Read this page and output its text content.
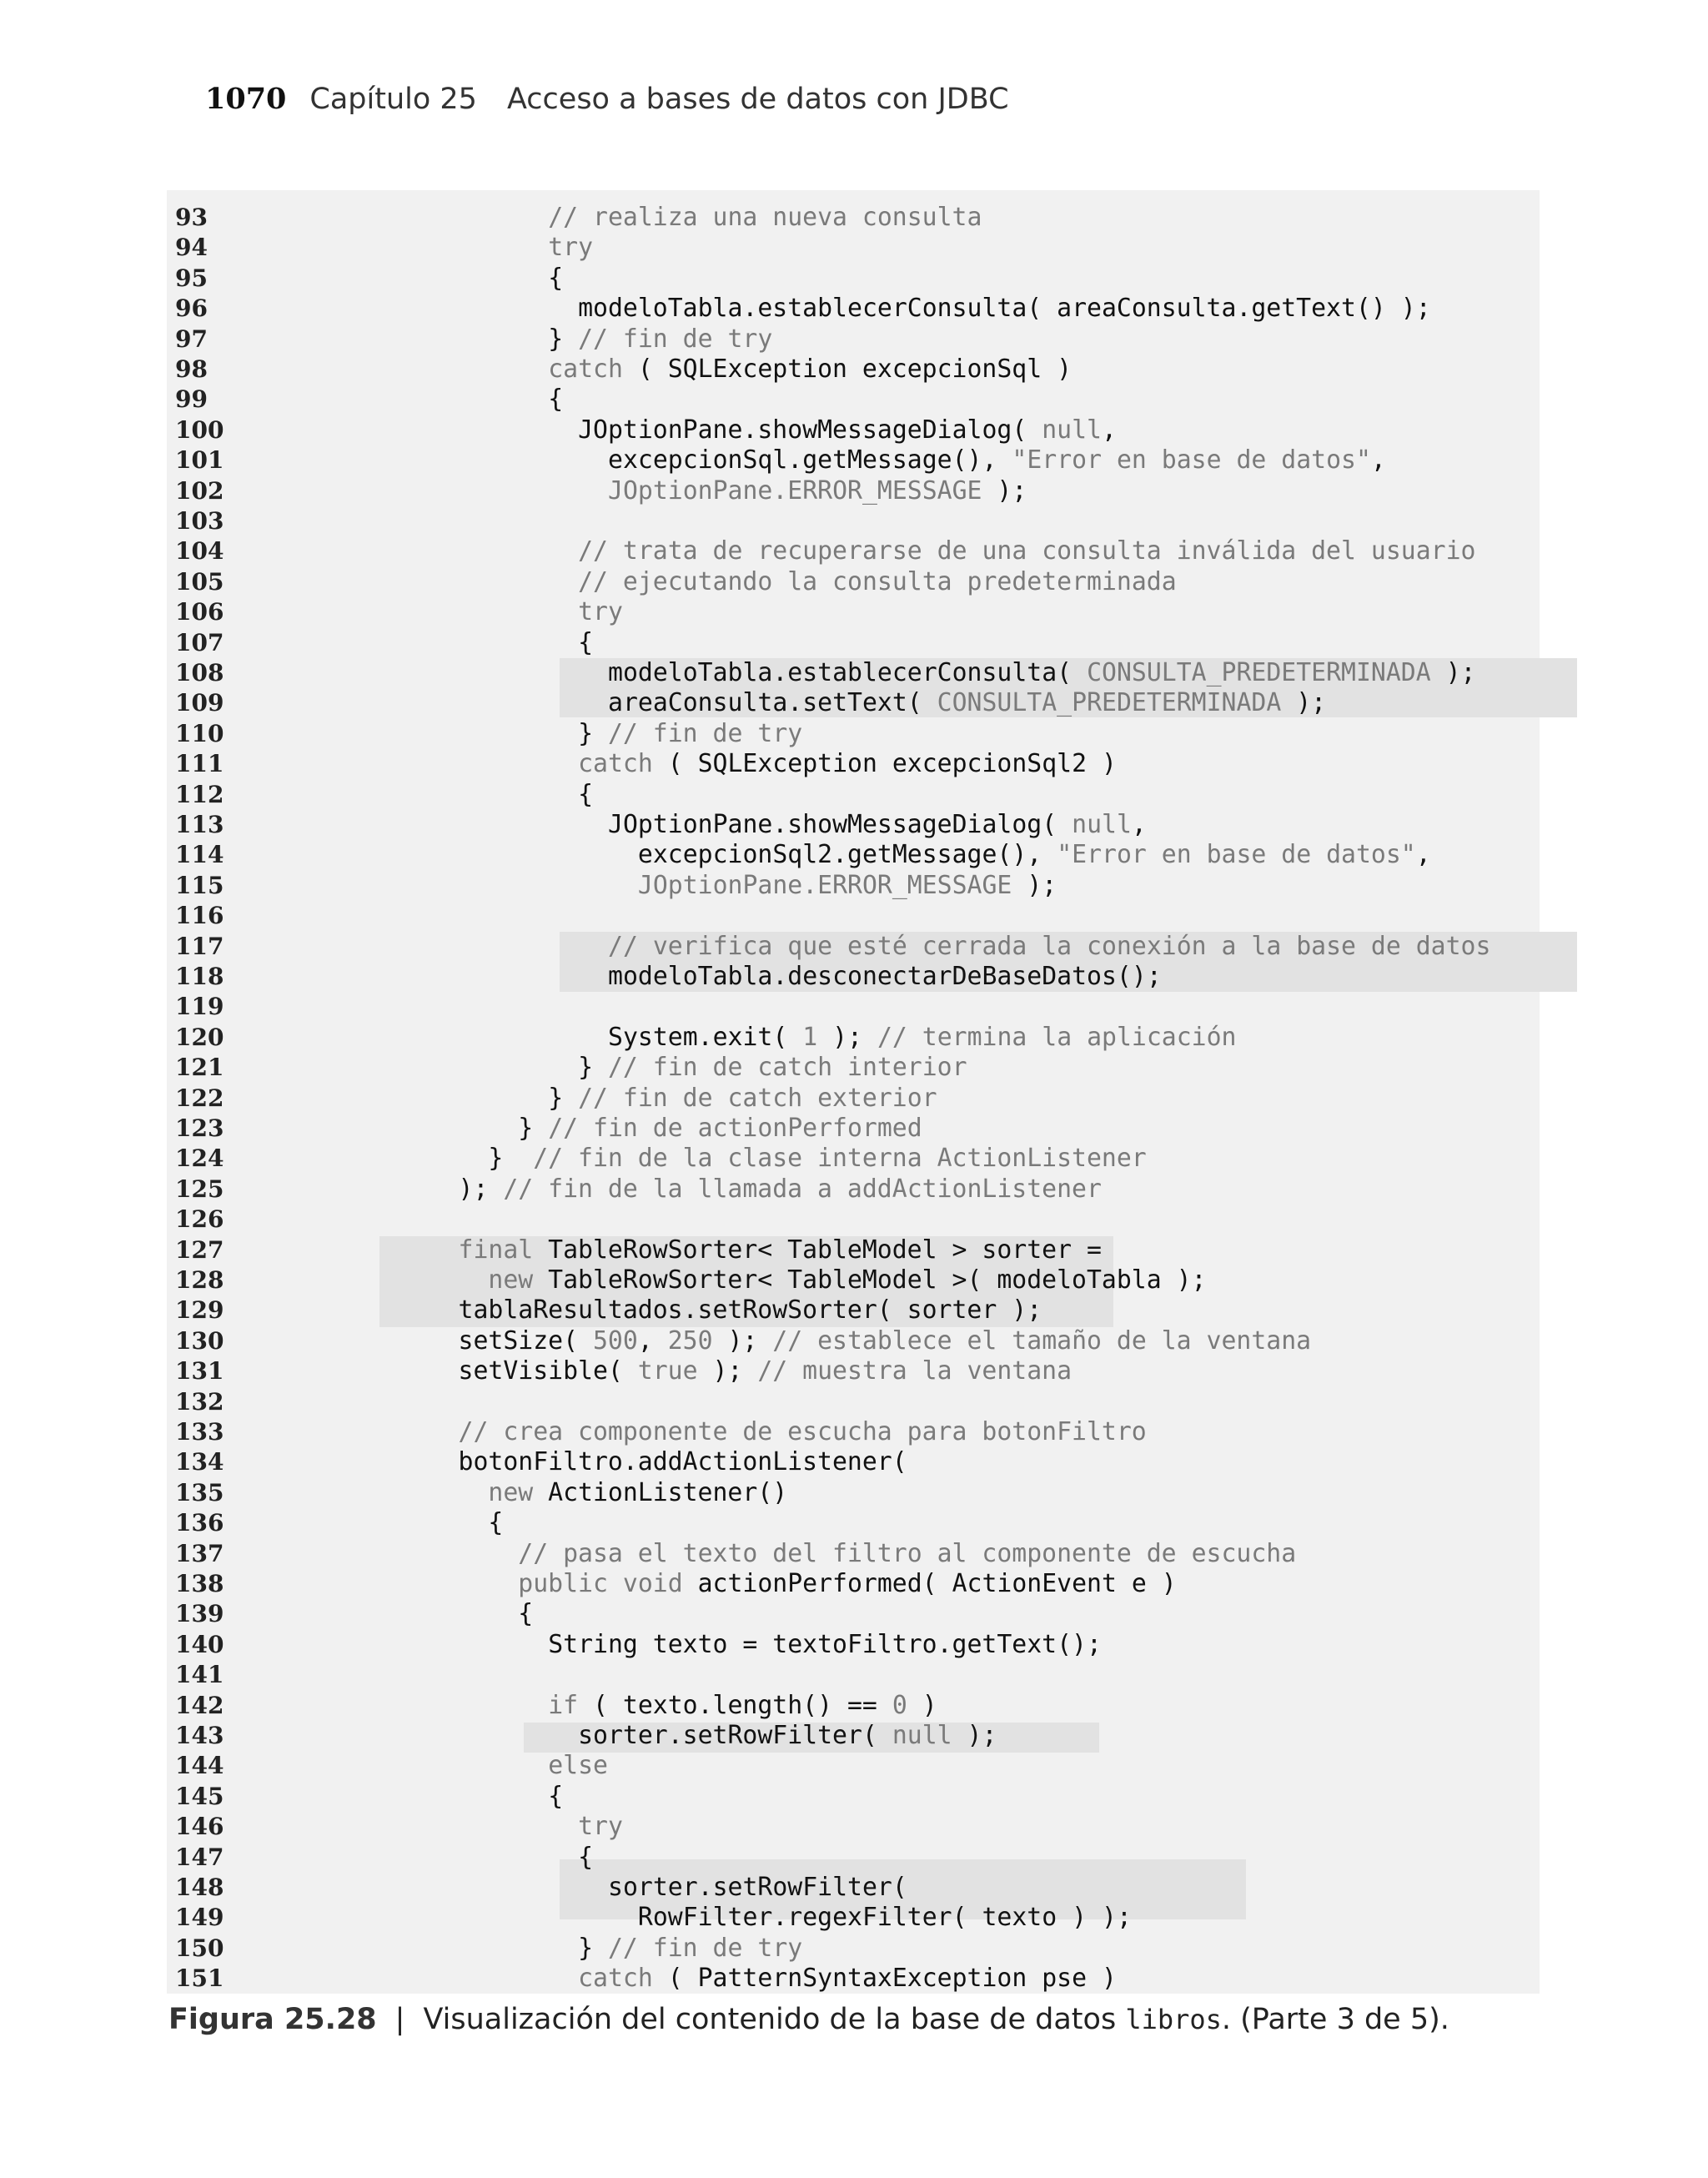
1070 Capítulo 25 Acceso a bases de datos con JDBC
93	// realiza una nueva consulta
94	try
95	{
96	modeloTabla.establecerConsulta( areaConsulta.getText() );
97	} // fin de try
98	catch ( SQLException excepcionSql )
99	{
100	JOptionPane.showMessageDialog( null,
101	excepcionSql.getMessage(), "Error en base de datos",
102	JOptionPane.ERROR_MESSAGE );
103
104	// trata de recuperarse de una consulta inválida del usuario
105	// ejecutando la consulta predeterminada
106	try
107	{
108	modeloTabla.establecerConsulta( CONSULTA_PREDETERMINADA );
109	areaConsulta.setText( CONSULTA_PREDETERMINADA );
110	} // fin de try
111	catch ( SQLException excepcionSql2 )
112	{
113	JOptionPane.showMessageDialog( null,
114	excepcionSql2.getMessage(), "Error en base de datos",
115	JOptionPane.ERROR_MESSAGE );
116
117	// verifica que esté cerrada la conexión a la base de datos
118	modeloTabla.desconectarDeBaseDatos();
119
120	System.exit( 1 ); // termina la aplicación
121	} // fin de catch interior
122	} // fin de catch exterior
123	} // fin de actionPerformed
124	}  // fin de la clase interna ActionListener
125	); // fin de la llamada a addActionListener
126
127	final TableRowSorter< TableModel > sorter =
128	new TableRowSorter< TableModel >( modeloTabla );
129	tablaResultados.setRowSorter( sorter );
130	setSize( 500, 250 ); // establece el tamaño de la ventana
131	setVisible( true ); // muestra la ventana
132
133	// crea componente de escucha para botonFiltro
134	botonFiltro.addActionListener(
135	new ActionListener()
136	{
137	// pasa el texto del filtro al componente de escucha
138	public void actionPerformed( ActionEvent e )
139	{
140	String texto = textoFiltro.getText();
141
142	if ( texto.length() == 0 )
143	sorter.setRowFilter( null );
144	else
145	{
146	try
147	{
148	sorter.setRowFilter(
149	RowFilter.regexFilter( texto ) );
150	} // fin de try
151	catch ( PatternSyntaxException pse )
Figura 25.28 | Visualización del contenido de la base de datos libros. (Parte 3 de 5).
